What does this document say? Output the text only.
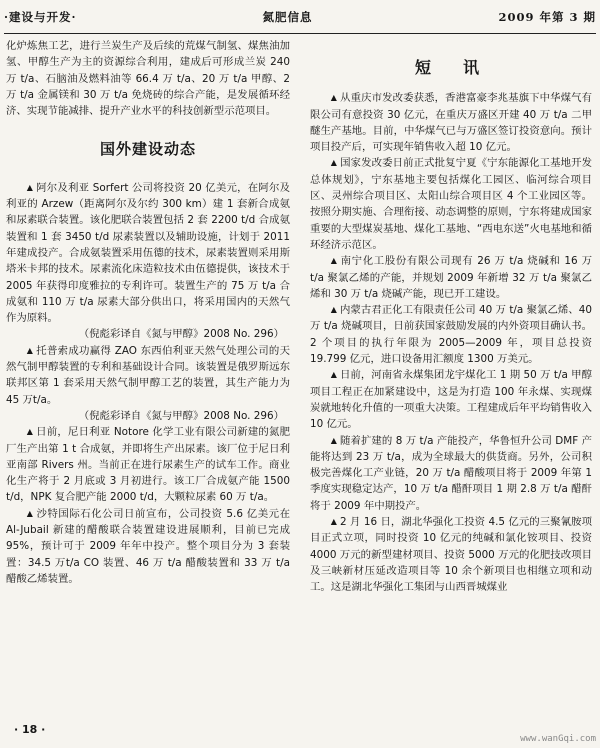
·建设与开发·	氮肥信息	2009 年第 3 期

化炉炼焦工艺，进行兰炭生产及后续的荒煤气制氢、煤焦油加氢、甲醇生产为主的资源综合利用，建成后可形成兰炭 240 万 t/a、石脑油及燃料油等 66.4 万 t/a、20 万 t/a 甲醇、2 万 t/a 金属镁和 30 万 t/a 免烧砖的综合产能，是发展循环经济、实现节能减排、提升产业水平的科技创新型示范项目。

国外建设动态

▲ 阿尔及利亚 Sorfert 公司将投资 20 亿美元，在阿尔及利亚的 Arzew（距离阿尔及尔约 300 km）建 1 套新合成氨和尿素联合装置。该化肥联合装置包括 2 套 2200 t/d 合成氨装置和 1 套 3450 t/d 尿素装置以及辅助设施，计划于 2011 年建成投产。合成氨装置采用伍德的技术，尿素装置则采用斯塔米卡邦的技术。尿素流化床造粒技术由伍德提供，该技术于 2005 年获得印度雅拉的专利许可。装置生产的 75 万 t/a 合成氨和 110 万 t/a 尿素大部分供出口，将采用国内的天然气作为原料。

（倪彪彩译自《氮与甲醇》2008 No. 296）

▲ 托普索成功赢得 ZAO 东西伯利亚天然气处理公司的天然气制甲醇装置的专利和基础设计合同。该装置是俄罗斯远东联邦区第 1 套采用天然气制甲醇工艺的装置，其生产能力为 45 万t/a。

（倪彪彩译自《氮与甲醇》2008 No. 296）

▲ 日前，尼日利亚 Notore 化学工业有限公司新建的氮肥厂生产出第 1 t 合成氨，并即将生产出尿素。该厂位于尼日利亚南部 Rivers 州。当前正在进行尿素生产的试车工作。商业化生产将于 2 月底或 3 月初进行。该工厂合成氨产能 1500 t/d，NPK 复合肥产能 2000 t/d，大颗粒尿素 60 万 t/a。

▲ 沙特国际石化公司日前宣布，公司投资 5.6 亿美元在 Al-Jubail 新建的醋酸联合装置建设进展顺利，目前已完成 95%，预计可于 2009 年年中投产。整个项目分为 3 套装置：34.5 万t/a CO 装置、46 万 t/a 醋酸装置和 33 万 t/a 醋酸乙烯装置。

短　讯

▲ 从重庆市发改委获悉，香港富豪李兆基旗下中华煤气有限公司有意投资 30 亿元，在重庆万盛区开建 40 万 t/a 二甲醚生产基地。目前，中华煤气已与万盛区签订投资意向。预计项目投产后，可实现年销售收入超 10 亿元。

▲ 国家发改委日前正式批复宁夏《宁东能源化工基地开发总体规划》，宁东基地主要包括煤化工园区、临河综合项目区、灵州综合项目区、太阳山综合项目区 4 个工业园区等。按照分期实施、合理衔接、动态调整的原则，宁东将建成国家重要的大型煤炭基地、煤化工基地、“西电东送”火电基地和循环经济示范区。

▲ 南宁化工股份有限公司现有 26 万 t/a 烧碱和 16 万 t/a 聚氯乙烯的产能，并规划 2009 年新增 32 万 t/a 聚氯乙烯和 30 万 t/a 烧碱产能，现已开工建设。

▲ 内蒙古君正化工有限责任公司 40 万 t/a 聚氯乙烯、40 万 t/a 烧碱项目，日前获国家鼓励发展的内外资项目确认书。2 个项目的执行年限为 2005—2009 年，项目总投资 19.799 亿元，进口设备用汇额度 1300 万美元。

▲ 日前，河南省永煤集团龙宇煤化工 1 期 50 万 t/a 甲醇项目工程正在加紧建设中，这是为打造 100 年永煤、实现煤炭就地转化升值的一项重大决策。工程建成后年平均销售收入 10 亿元。

▲ 随着扩建的 8 万 t/a 产能投产，华鲁恒升公司 DMF 产能将达到 23 万 t/a，成为全球最大的供货商。另外，公司积极完善煤化工产业链，20 万 t/a 醋酸项目将于 2009 年第 1 季度实现稳定达产，10 万 t/a 醋酐项目 1 期 2.8 万 t/a 醋酐将于 2009 年中期投产。

▲ 2 月 16 日，湖北华强化工投资 4.5 亿元的三聚氰胺项目正式立项，同时投资 10 亿元的纯碱和氯化铵项目、投资 4000 万元的新型建材项目、投资 5000 万元的化肥技改项目及三峡新材压延改造项目等 10 余个新项目也相继立项和动工。这是湖北华强化工集团与山西晋城煤业

· 18 ·
www.wanGqi.com
